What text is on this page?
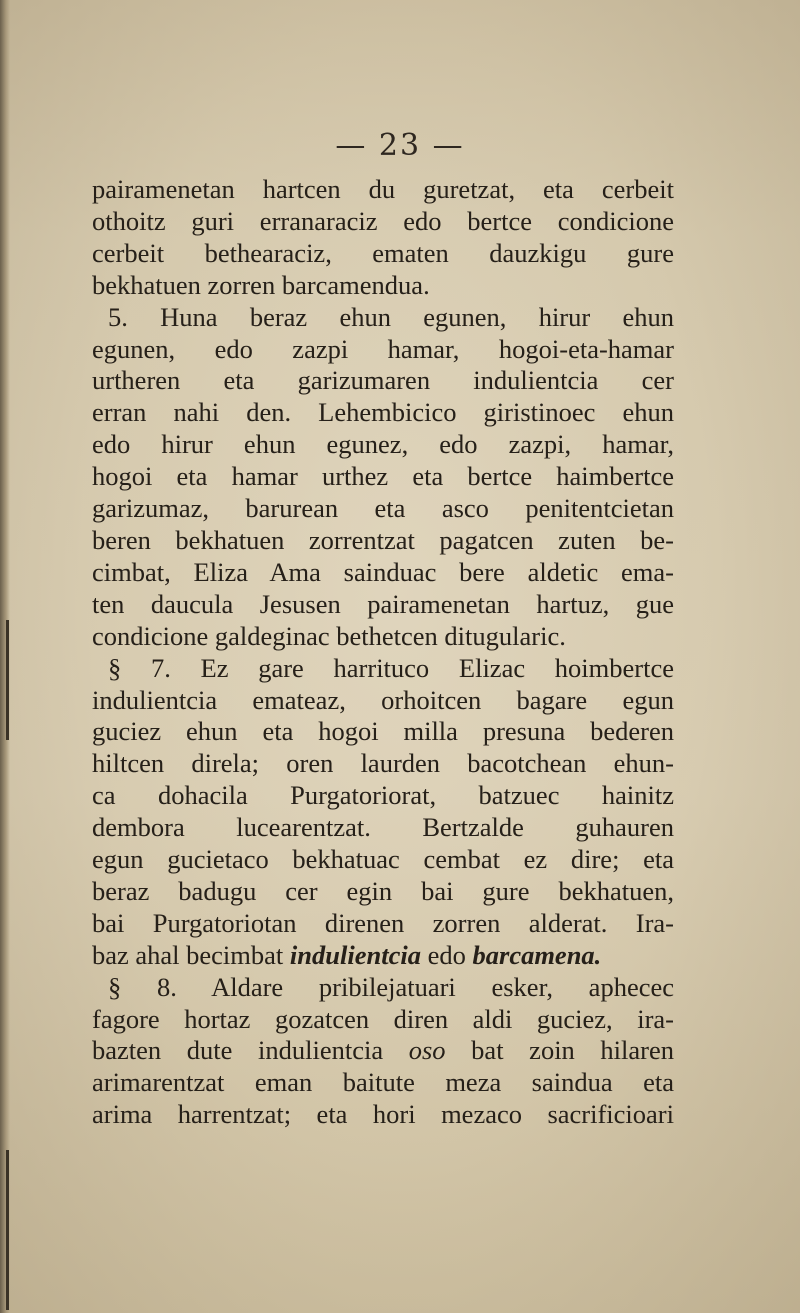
— 23 —
pairamenetan hartcen du guretzat, eta cerbeit
othoitz guri erranaraciz edo bertce condicione
cerbeit bethearaciz, ematen dauzkigu gure
bekhatuen zorren barcamendua.
5. Huna beraz ehun egunen, hirur ehun
egunen, edo zazpi hamar, hogoi-eta-hamar
urtheren eta garizumaren indulientcia cer
erran nahi den. Lehembicico giristinoec ehun
edo hirur ehun egunez, edo zazpi, hamar,
hogoi eta hamar urthez eta bertce haimbertce
garizumaz, barurean eta asco penitentcietan
beren bekhatuen zorrentzat pagatcen zuten be-
cimbat, Eliza Ama sainduac bere aldetic ema-
ten daucula Jesusen pairamenetan hartuz, gue
condicione galdeginac bethetcen ditugularic.
§ 7. Ez gare harrituco Elizac hoimbertce
indulientcia emateaz, orhoitcen bagare egun
guciez ehun eta hogoi milla presuna bederen
hiltcen direla; oren laurden bacotchean ehun-
ca dohacila Purgatoriorat, batzuec hainitz
dembora lucearentzat. Bertzalde guhauren
egun gucietaco bekhatuac cembat ez dire; eta
beraz badugu cer egin bai gure bekhatuen,
bai Purgatoriotan direnen zorren alderat. Ira-
baz ahal becimbat indulientcia edo barcamena.
§ 8. Aldare pribilejatuari esker, aphecec
fagore hortaz gozatcen diren aldi guciez, ira-
bazten dute indulientcia oso bat zoin hilaren
arimarentzat eman baitute meza saindua eta
arima harrentzat; eta hori mezaco sacrificioari
